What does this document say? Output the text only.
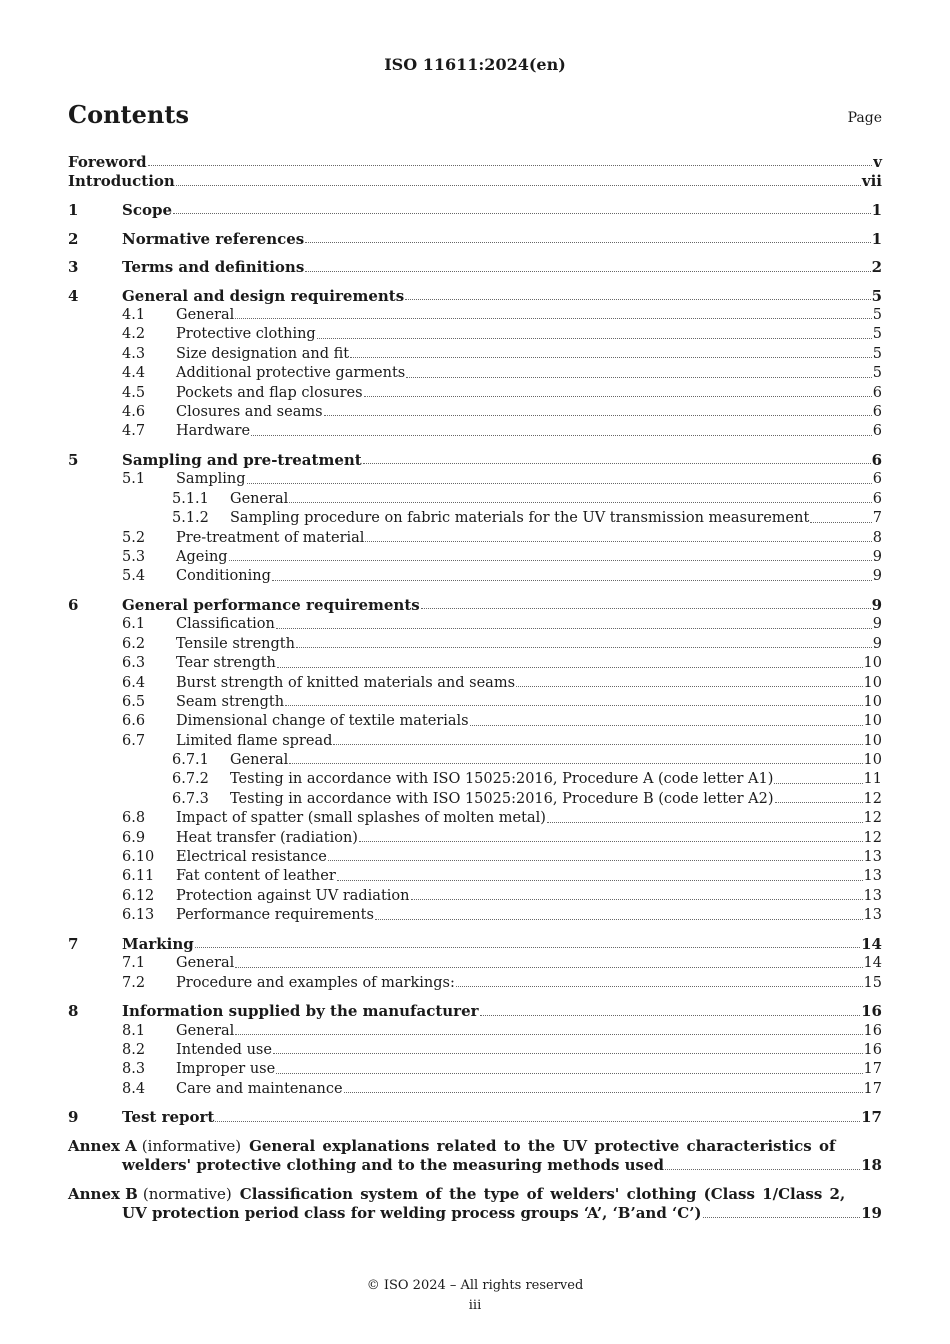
ISO 11611:2024(en)
Contents	Page
Foreword	v
Introduction	vii
1	Scope	1
2	Normative references	1
3	Terms and definitions	2
4	General and design requirements	5
4.1	General	5
4.2	Protective clothing	5
4.3	Size designation and fit	5
4.4	Additional protective garments	5
4.5	Pockets and flap closures	6
4.6	Closures and seams	6
4.7	Hardware	6
5	Sampling and pre-treatment	6
5.1	Sampling	6
5.1.1	General	6
5.1.2	Sampling procedure on fabric materials for the UV transmission measurement	7
5.2	Pre-treatment of material	8
5.3	Ageing	9
5.4	Conditioning	9
6	General performance requirements	9
6.1	Classification	9
6.2	Tensile strength	9
6.3	Tear strength	10
6.4	Burst strength of knitted materials and seams	10
6.5	Seam strength	10
6.6	Dimensional change of textile materials	10
6.7	Limited flame spread	10
6.7.1	General	10
6.7.2	Testing in accordance with ISO 15025:2016, Procedure A (code letter A1)	11
6.7.3	Testing in accordance with ISO 15025:2016, Procedure B (code letter A2)	12
6.8	Impact of spatter (small splashes of molten metal)	12
6.9	Heat transfer (radiation)	12
6.10	Electrical resistance	13
6.11	Fat content of leather	13
6.12	Protection against UV radiation	13
6.13	Performance requirements	13
7	Marking	14
7.1	General	14
7.2	Procedure and examples of markings:	15
8	Information supplied by the manufacturer	16
8.1	General	16
8.2	Intended use	16
8.3	Improper use	17
8.4	Care and maintenance	17
9	Test report	17
Annex A (informative) General explanations related to the UV protective characteristics of
welders' protective clothing and to the measuring methods used	18
Annex B (normative) Classification system of the type of welders' clothing (Class 1/Class 2,
UV protection period class for welding process groups ‘A’, ‘B’and ‘C’)	19
© ISO 2024 – All rights reserved
iii
